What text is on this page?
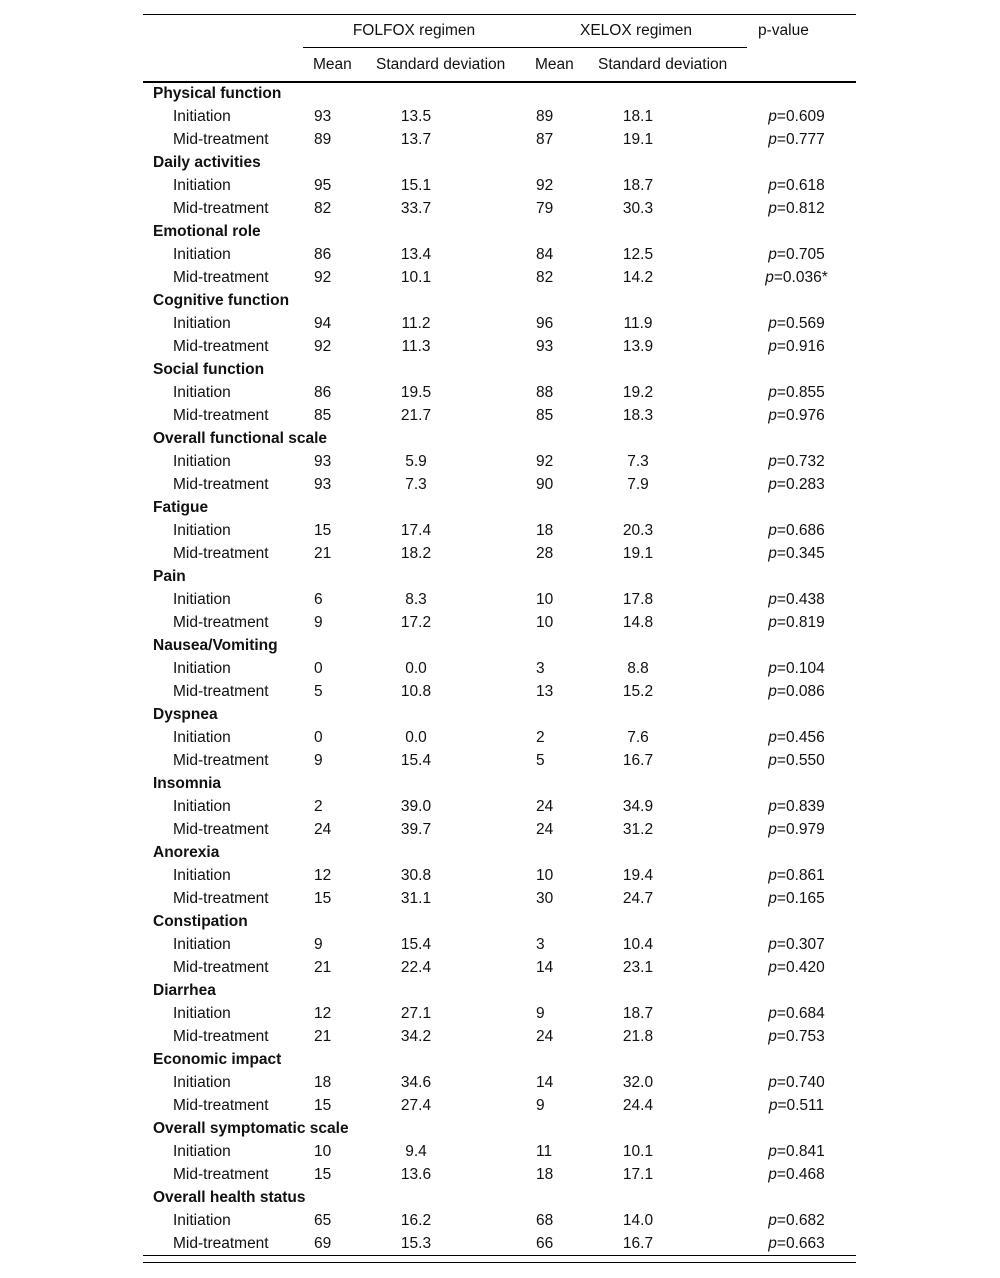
	FOLFOX regimen		XELOX regimen		p-value
	Mean	Standard deviation	Mean	Standard deviation	
Physical function					
Initiation	93	13.5	89	18.1	p=0.609
Mid-treatment	89	13.7	87	19.1	p=0.777
Daily activities					
Initiation	95	15.1	92	18.7	p=0.618
Mid-treatment	82	33.7	79	30.3	p=0.812
Emotional role					
Initiation	86	13.4	84	12.5	p=0.705
Mid-treatment	92	10.1	82	14.2	p=0.036*
Cognitive function					
Initiation	94	11.2	96	11.9	p=0.569
Mid-treatment	92	11.3	93	13.9	p=0.916
Social function					
Initiation	86	19.5	88	19.2	p=0.855
Mid-treatment	85	21.7	85	18.3	p=0.976
Overall functional scale					
Initiation	93	5.9	92	7.3	p=0.732
Mid-treatment	93	7.3	90	7.9	p=0.283
Fatigue					
Initiation	15	17.4	18	20.3	p=0.686
Mid-treatment	21	18.2	28	19.1	p=0.345
Pain					
Initiation	6	8.3	10	17.8	p=0.438
Mid-treatment	9	17.2	10	14.8	p=0.819
Nausea/Vomiting					
Initiation	0	0.0	3	8.8	p=0.104
Mid-treatment	5	10.8	13	15.2	p=0.086
Dyspnea					
Initiation	0	0.0	2	7.6	p=0.456
Mid-treatment	9	15.4	5	16.7	p=0.550
Insomnia					
Initiation	2	39.0	24	34.9	p=0.839
Mid-treatment	24	39.7	24	31.2	p=0.979
Anorexia					
Initiation	12	30.8	10	19.4	p=0.861
Mid-treatment	15	31.1	30	24.7	p=0.165
Constipation					
Initiation	9	15.4	3	10.4	p=0.307
Mid-treatment	21	22.4	14	23.1	p=0.420
Diarrhea					
Initiation	12	27.1	9	18.7	p=0.684
Mid-treatment	21	34.2	24	21.8	p=0.753
Economic impact					
Initiation	18	34.6	14	32.0	p=0.740
Mid-treatment	15	27.4	9	24.4	p=0.511
Overall symptomatic scale					
Initiation	10	9.4	11	10.1	p=0.841
Mid-treatment	15	13.6	18	17.1	p=0.468
Overall health status					
Initiation	65	16.2	68	14.0	p=0.682
Mid-treatment	69	15.3	66	16.7	p=0.663
